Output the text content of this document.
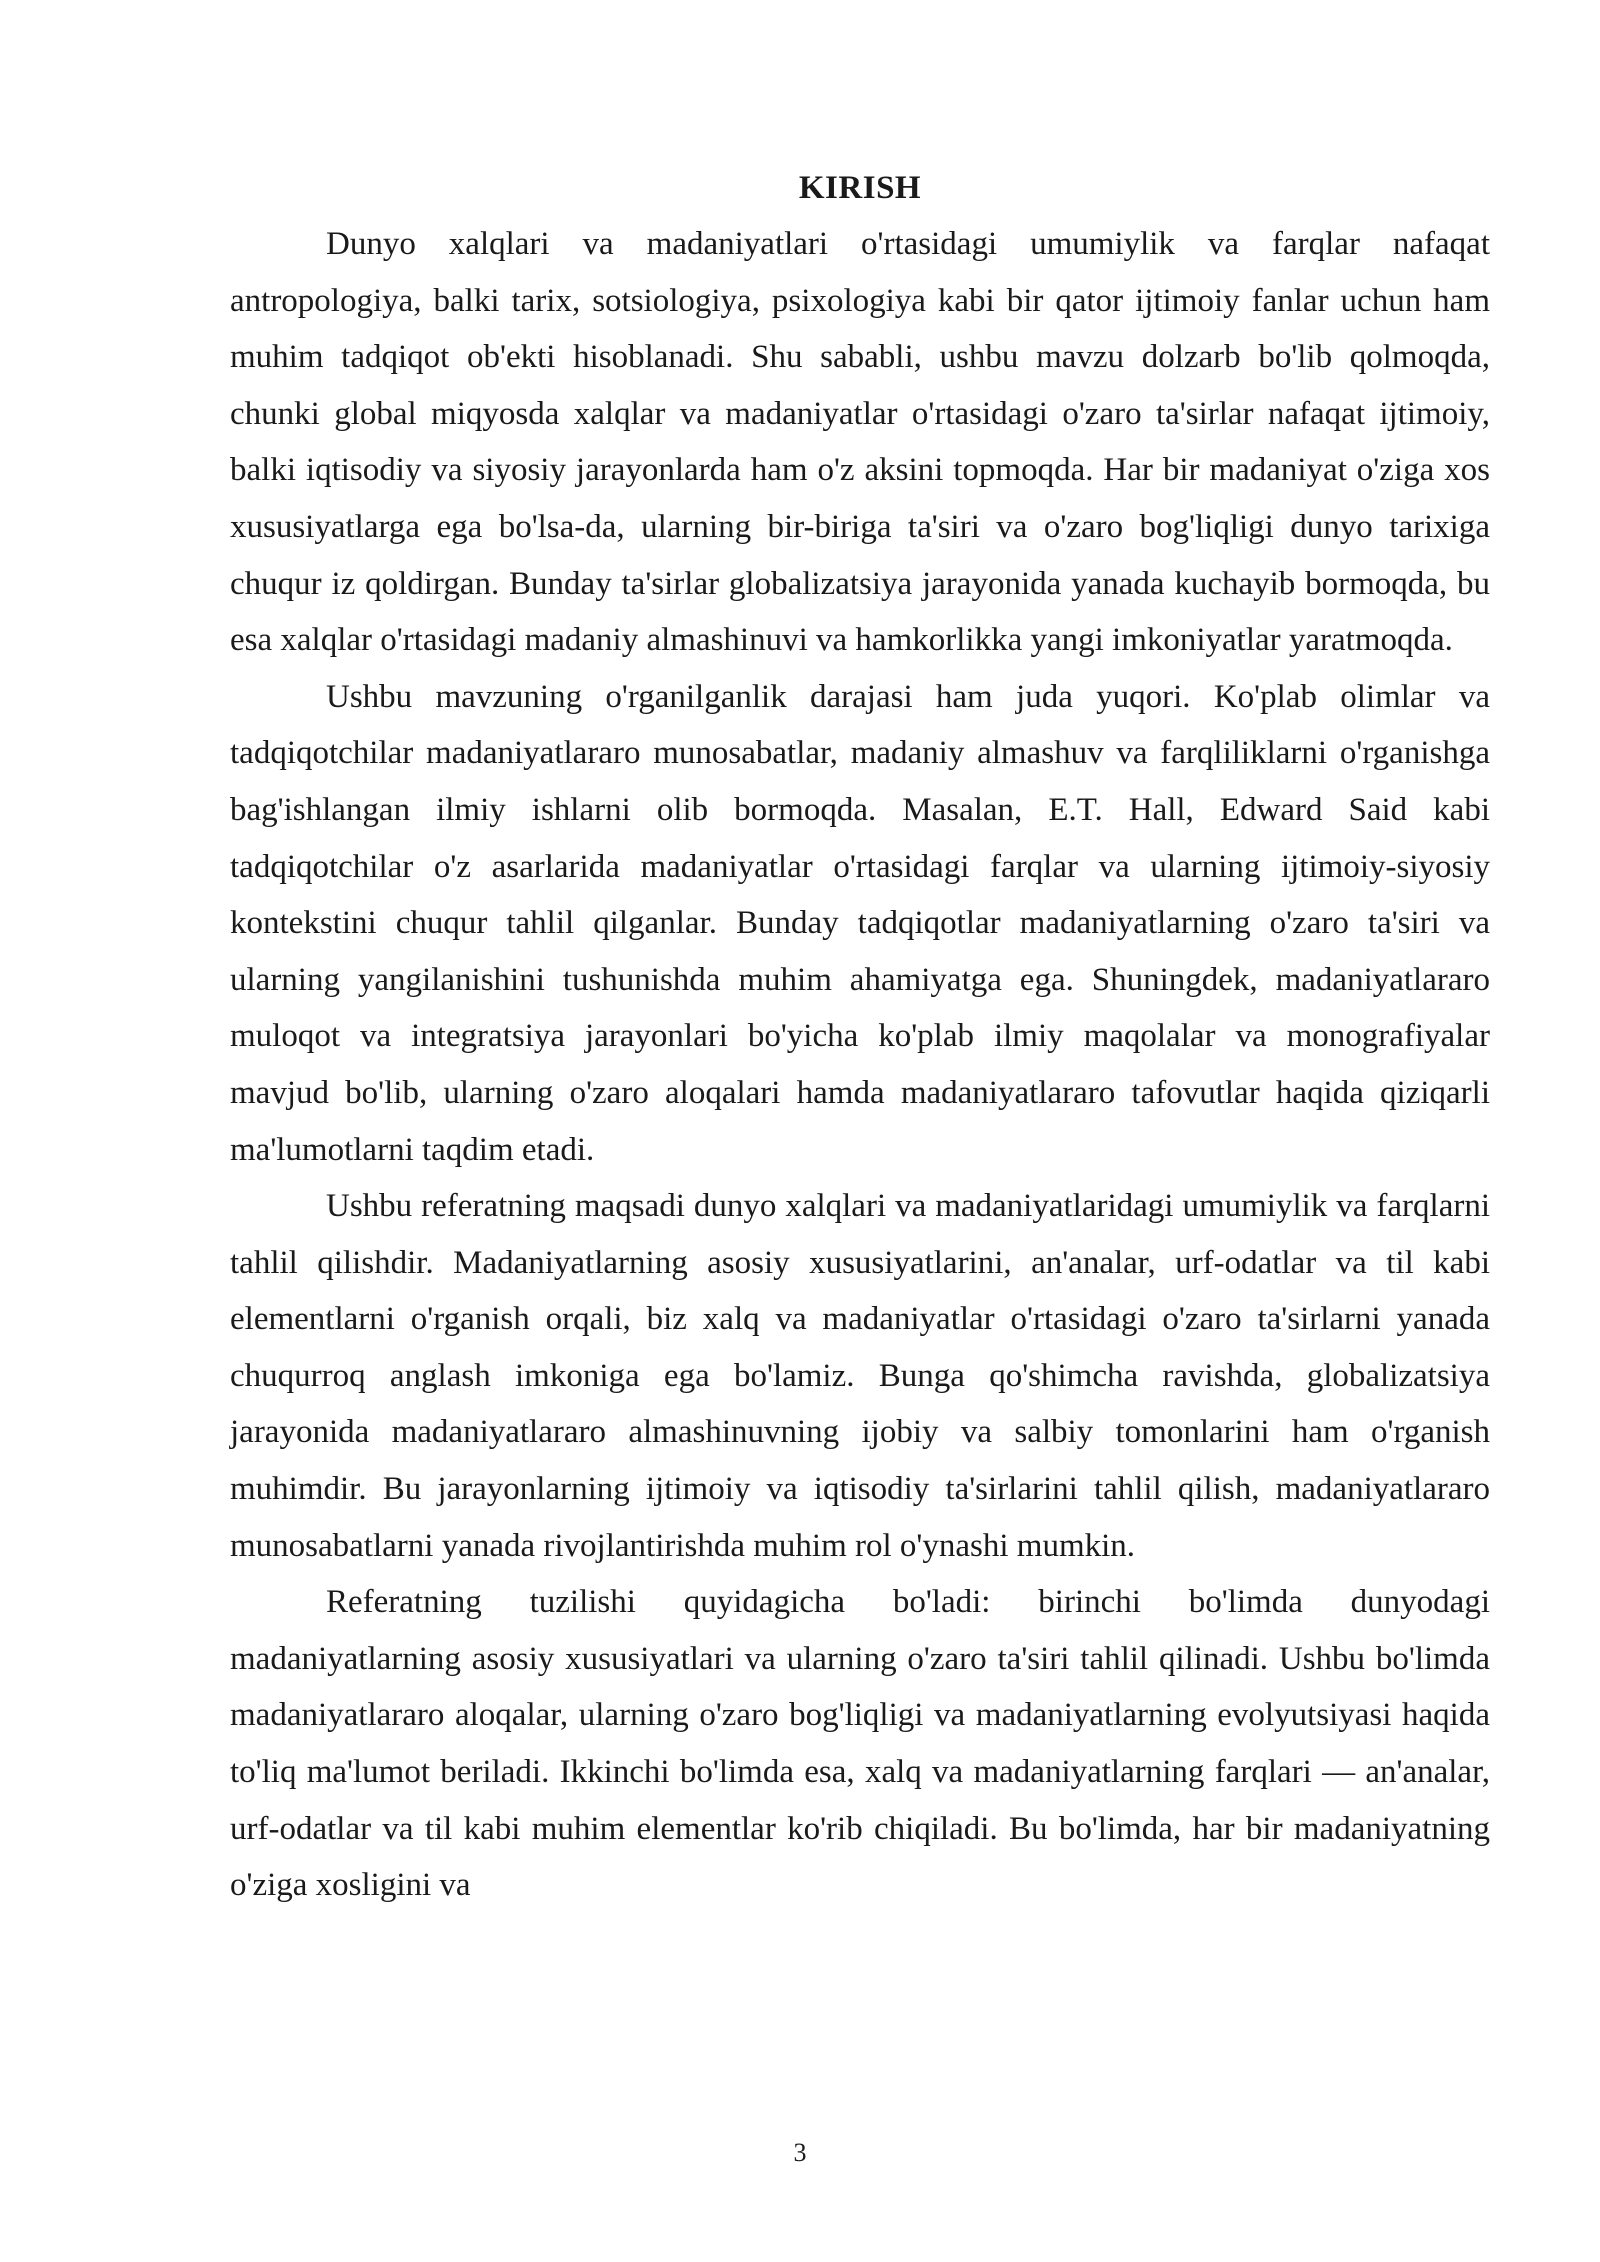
KIRISH

Dunyo xalqlari va madaniyatlari o'rtasidagi umumiylik va farqlar nafaqat antropologiya, balki tarix, sotsiologiya, psixologiya kabi bir qator ijtimoiy fanlar uchun ham muhim tadqiqot ob'ekti hisoblanadi. Shu sababli, ushbu mavzu dolzarb bo'lib qolmoqda, chunki global miqyosda xalqlar va madaniyatlar o'rtasidagi o'zaro ta'sirlar nafaqat ijtimoiy, balki iqtisodiy va siyosiy jarayonlarda ham o'z aksini topmoqda. Har bir madaniyat o'ziga xos xususiyatlarga ega bo'lsa-da, ularning bir-biriga ta'siri va o'zaro bog'liqligi dunyo tarixiga chuqur iz qoldirgan. Bunday ta'sirlar globalizatsiya jarayonida yanada kuchayib bormoqda, bu esa xalqlar o'rtasidagi madaniy almashinuvi va hamkorlikka yangi imkoniyatlar yaratmoqda.

Ushbu mavzuning o'rganilganlik darajasi ham juda yuqori. Ko'plab olimlar va tadqiqotchilar madaniyatlararo munosabatlar, madaniy almashuv va farqliliklarni o'rganishga bag'ishlangan ilmiy ishlarni olib bormoqda. Masalan, E.T. Hall, Edward Said kabi tadqiqotchilar o'z asarlarida madaniyatlar o'rtasidagi farqlar va ularning ijtimoiy-siyosiy kontekstini chuqur tahlil qilganlar. Bunday tadqiqotlar madaniyatlarning o'zaro ta'siri va ularning yangilanishini tushunishda muhim ahamiyatga ega. Shuningdek, madaniyatlararo muloqot va integratsiya jarayonlari bo'yicha ko'plab ilmiy maqolalar va monografiyalar mavjud bo'lib, ularning o'zaro aloqalari hamda madaniyatlararo tafovutlar haqida qiziqarli ma'lumotlarni taqdim etadi.

Ushbu referatning maqsadi dunyo xalqlari va madaniyatlaridagi umumiylik va farqlarni tahlil qilishdir. Madaniyatlarning asosiy xususiyatlarini, an'analar, urf-odatlar va til kabi elementlarni o'rganish orqali, biz xalq va madaniyatlar o'rtasidagi o'zaro ta'sirlarni yanada chuqurroq anglash imkoniga ega bo'lamiz. Bunga qo'shimcha ravishda, globalizatsiya jarayonida madaniyatlararo almashinuvning ijobiy va salbiy tomonlarini ham o'rganish muhimdir. Bu jarayonlarning ijtimoiy va iqtisodiy ta'sirlarini tahlil qilish, madaniyatlararo munosabatlarni yanada rivojlantirishda muhim rol o'ynashi mumkin.

Referatning tuzilishi quyidagicha bo'ladi: birinchi bo'limda dunyodagi madaniyatlarning asosiy xususiyatlari va ularning o'zaro ta'siri tahlil qilinadi. Ushbu bo'limda madaniyatlararo aloqalar, ularning o'zaro bog'liqligi va madaniyatlarning evolyutsiyasi haqida to'liq ma'lumot beriladi. Ikkinchi bo'limda esa, xalq va madaniyatlarning farqlari — an'analar, urf-odatlar va til kabi muhim elementlar ko'rib chiqiladi. Bu bo'limda, har bir madaniyatning o'ziga xosligini va

3
